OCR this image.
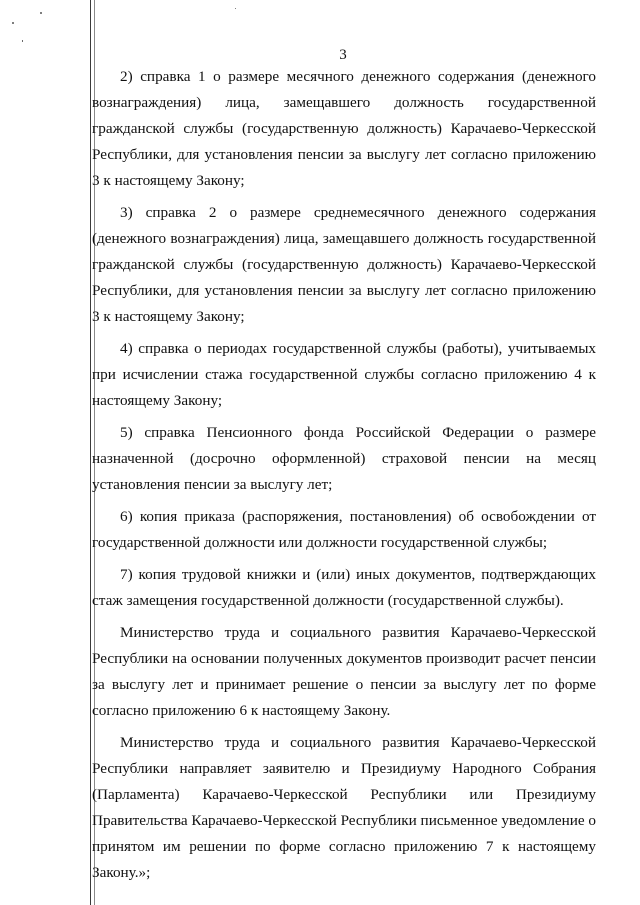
3

2) справка 1 о размере месячного денежного содержания (денежного вознаграждения) лица, замещавшего должность государственной гражданской службы (государственную должность) Карачаево-Черкесской Республики, для установления пенсии за выслугу лет согласно приложению 3 к настоящему Закону;

3) справка 2 о размере среднемесячного денежного содержания (денежного вознаграждения) лица, замещавшего должность государственной гражданской службы (государственную должность) Карачаево-Черкесской Республики, для установления пенсии за выслугу лет согласно приложению 3 к настоящему Закону;

4) справка о периодах государственной службы (работы), учитываемых при исчислении стажа государственной службы согласно приложению 4 к настоящему Закону;

5) справка Пенсионного фонда Российской Федерации о размере назначенной (досрочно оформленной) страховой пенсии на месяц установления пенсии за выслугу лет;

6) копия приказа (распоряжения, постановления) об освобождении от государственной должности или должности государственной службы;

7) копия трудовой книжки и (или) иных документов, подтверждающих стаж замещения государственной должности (государственной службы).

Министерство труда и социального развития Карачаево-Черкесской Республики на основании полученных документов производит расчет пенсии за выслугу лет и принимает решение о пенсии за выслугу лет по форме согласно приложению 6 к настоящему Закону.

Министерство труда и социального развития Карачаево-Черкесской Республики направляет заявителю и Президиуму Народного Собрания (Парламента) Карачаево-Черкесской Республики или Президиуму Правительства Карачаево-Черкесской Республики письменное уведомление о принятом им решении по форме согласно приложению 7 к настоящему Закону.»;
